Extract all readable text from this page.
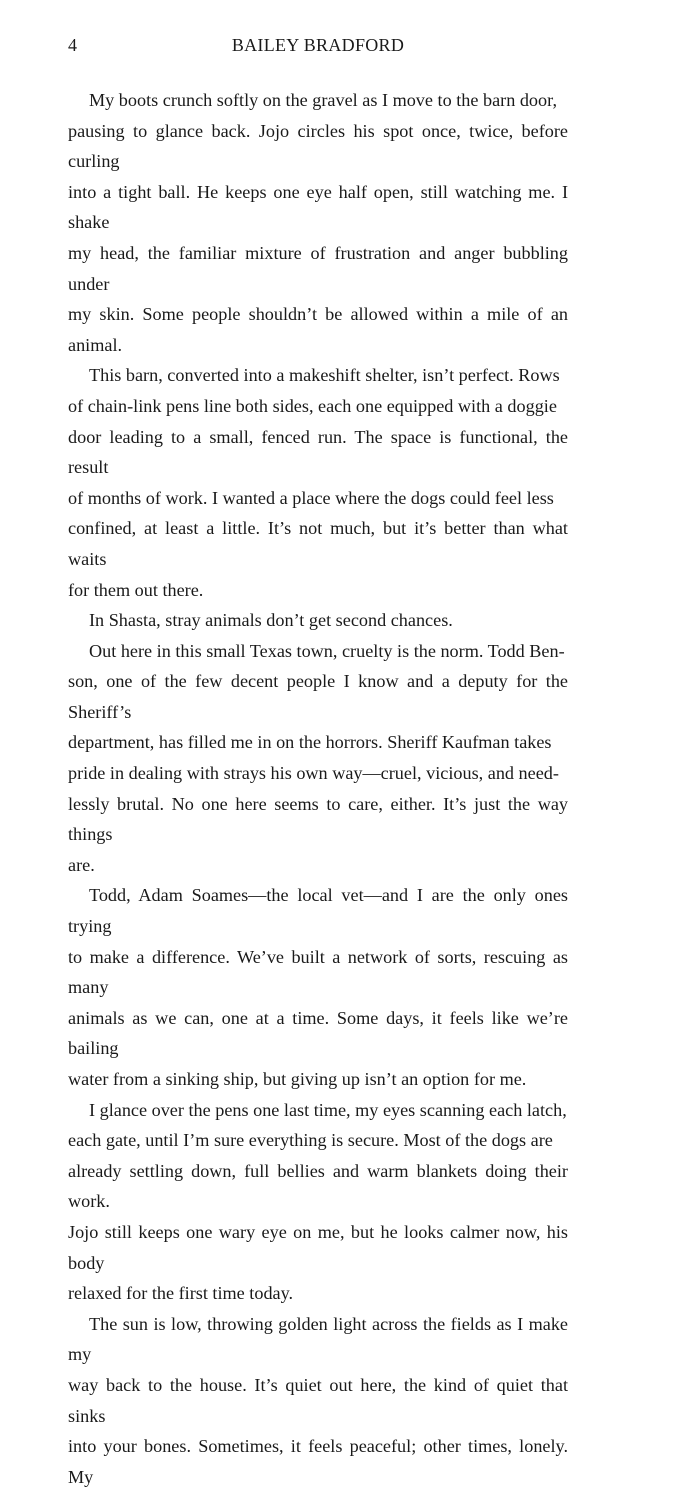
4	BAILEY BRADFORD

My boots crunch softly on the gravel as I move to the barn door,
pausing to glance back. Jojo circles his spot once, twice, before curling
into a tight ball. He keeps one eye half open, still watching me. I shake
my head, the familiar mixture of frustration and anger bubbling under
my skin. Some people shouldn’t be allowed within a mile of an animal.

This barn, converted into a makeshift shelter, isn’t perfect. Rows
of chain-link pens line both sides, each one equipped with a doggie
door leading to a small, fenced run. The space is functional, the result
of months of work. I wanted a place where the dogs could feel less
confined, at least a little. It’s not much, but it’s better than what waits
for them out there.

In Shasta, stray animals don’t get second chances.

Out here in this small Texas town, cruelty is the norm. Todd Ben-
son, one of the few decent people I know and a deputy for the Sheriff’s
department, has filled me in on the horrors. Sheriff Kaufman takes
pride in dealing with strays his own way—cruel, vicious, and need-
lessly brutal. No one here seems to care, either. It’s just the way things
are.

Todd, Adam Soames—the local vet—and I are the only ones trying
to make a difference. We’ve built a network of sorts, rescuing as many
animals as we can, one at a time. Some days, it feels like we’re bailing
water from a sinking ship, but giving up isn’t an option for me.

I glance over the pens one last time, my eyes scanning each latch,
each gate, until I’m sure everything is secure. Most of the dogs are
already settling down, full bellies and warm blankets doing their work.
Jojo still keeps one wary eye on me, but he looks calmer now, his body
relaxed for the first time today.

The sun is low, throwing golden light across the fields as I make my
way back to the house. It’s quiet out here, the kind of quiet that sinks
into your bones. Sometimes, it feels peaceful; other times, lonely. My
